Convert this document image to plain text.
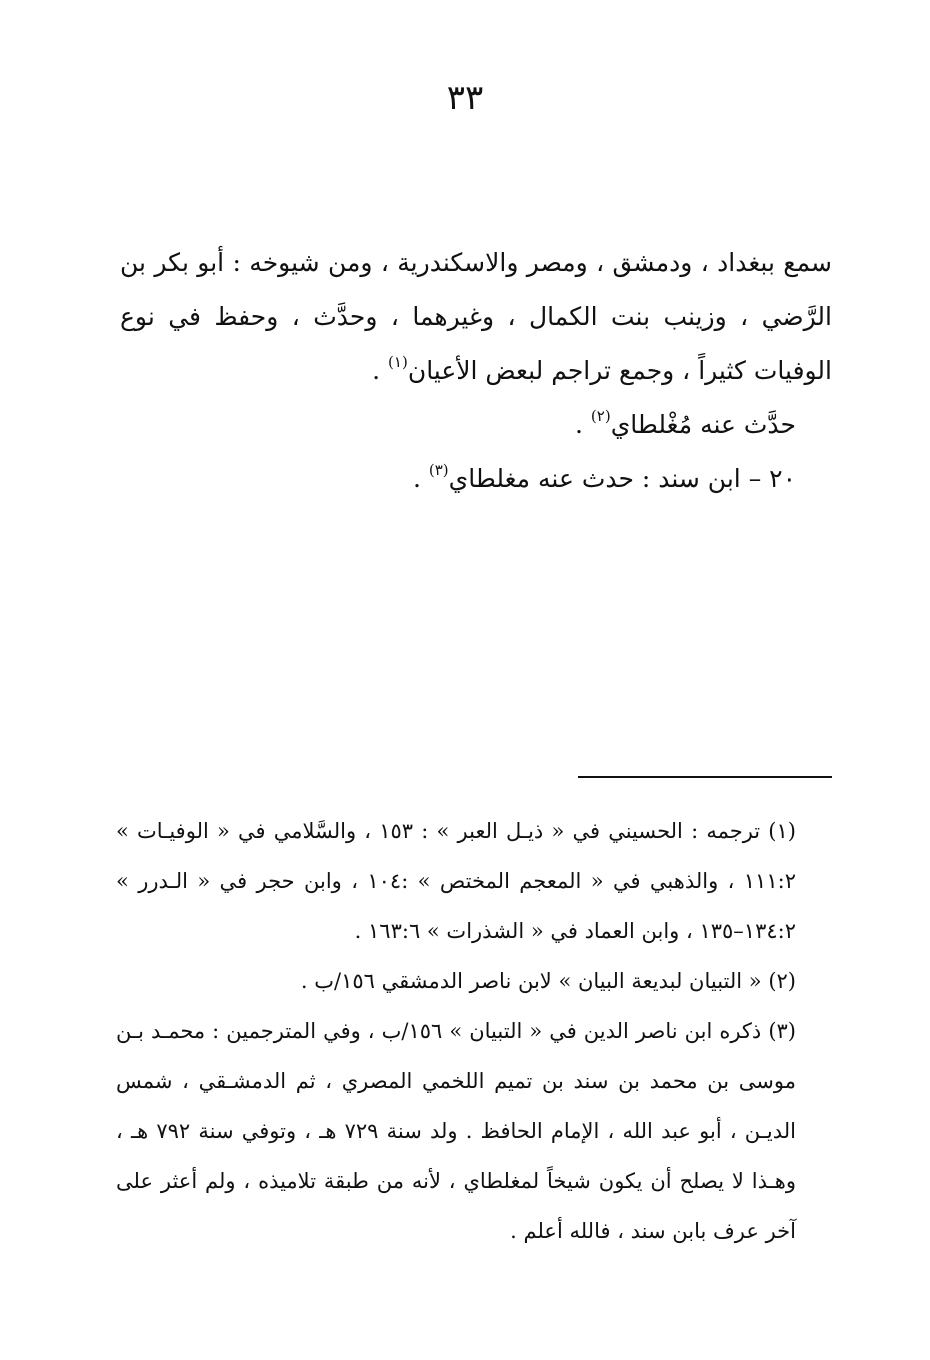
٣٣

سمع ببغداد ، ودمشق ، ومصر والاسكندرية ، ومن شيوخه : أبو بكر بن الرَّضي ، وزينب بنت الكمال ، وغيرهما ، وحدَّث ، وحفظ في نوع الوفيات كثيراً ، وجمع تراجم لبعض الأعيان$^{(١)}$ .

حدَّث عنه مُغْلطاي$^{(٢)}$ .

٢٠ – ابن سند : حدث عنه مغلطاي$^{(٣)}$ .

(١) ترجمه : الحسيني في « ذيـل العبر » : ١٥٣ ، والسَّلامي في « الوفيـات » ١١١:٢ ، والذهبي في « المعجم المختص » :١٠٤ ، وابن حجر في « الـدرر » ١٣٤:٢–١٣٥ ، وابن العماد في « الشذرات » ١٦٣:٦ .

(٢) « التبيان لبديعة البيان » لابن ناصر الدمشقي ١٥٦/ب .

(٣) ذكره ابن ناصر الدين في « التبيان » ١٥٦/ب ، وفي المترجمين : محمـد بـن موسى بن محمد بن سند بن تميم اللخمي المصري ، ثم الدمشـقي ، شمس الديـن ، أبو عبد الله ، الإمام الحافظ . ولد سنة ٧٢٩ هـ ، وتوفي سنة ٧٩٢ هـ ، وهـذا لا يصلح أن يكون شيخاً لمغلطاي ، لأنه من طبقة تلاميذه ، ولم أعثر على آخر عرف بابن سند ، فالله أعلم .
